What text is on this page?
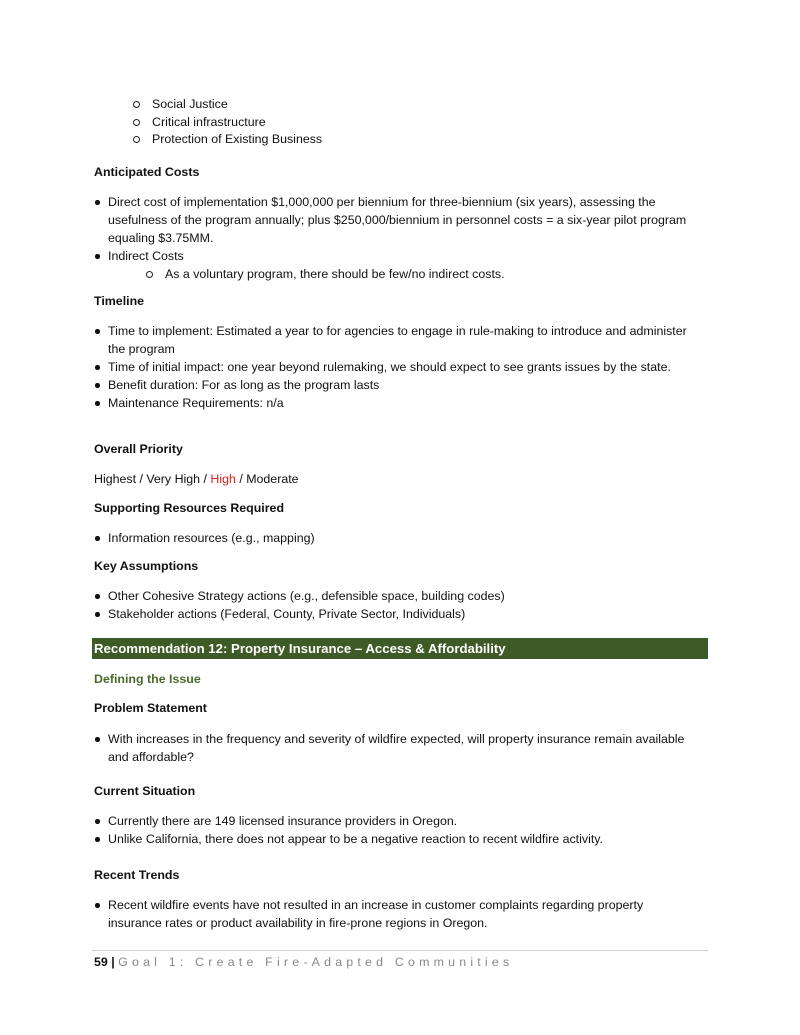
Social Justice
Critical infrastructure
Protection of Existing Business
Anticipated Costs
Direct cost of implementation $1,000,000 per biennium for three-biennium (six years), assessing the usefulness of the program annually; plus $250,000/biennium in personnel costs = a six-year pilot program equaling $3.75MM.
Indirect Costs
As a voluntary program, there should be few/no indirect costs.
Timeline
Time to implement: Estimated a year to for agencies to engage in rule-making to introduce and administer the program
Time of initial impact: one year beyond rulemaking, we should expect to see grants issues by the state.
Benefit duration: For as long as the program lasts
Maintenance Requirements: n/a
Overall Priority
Highest / Very High / High / Moderate
Supporting Resources Required
Information resources (e.g., mapping)
Key Assumptions
Other Cohesive Strategy actions (e.g., defensible space, building codes)
Stakeholder actions (Federal, County, Private Sector, Individuals)
Recommendation 12: Property Insurance – Access & Affordability
Defining the Issue
Problem Statement
With increases in the frequency and severity of wildfire expected, will property insurance remain available and affordable?
Current Situation
Currently there are 149 licensed insurance providers in Oregon.
Unlike California, there does not appear to be a negative reaction to recent wildfire activity.
Recent Trends
Recent wildfire events have not resulted in an increase in customer complaints regarding property insurance rates or product availability in fire-prone regions in Oregon.
59 | Goal 1: Create Fire-Adapted Communities
